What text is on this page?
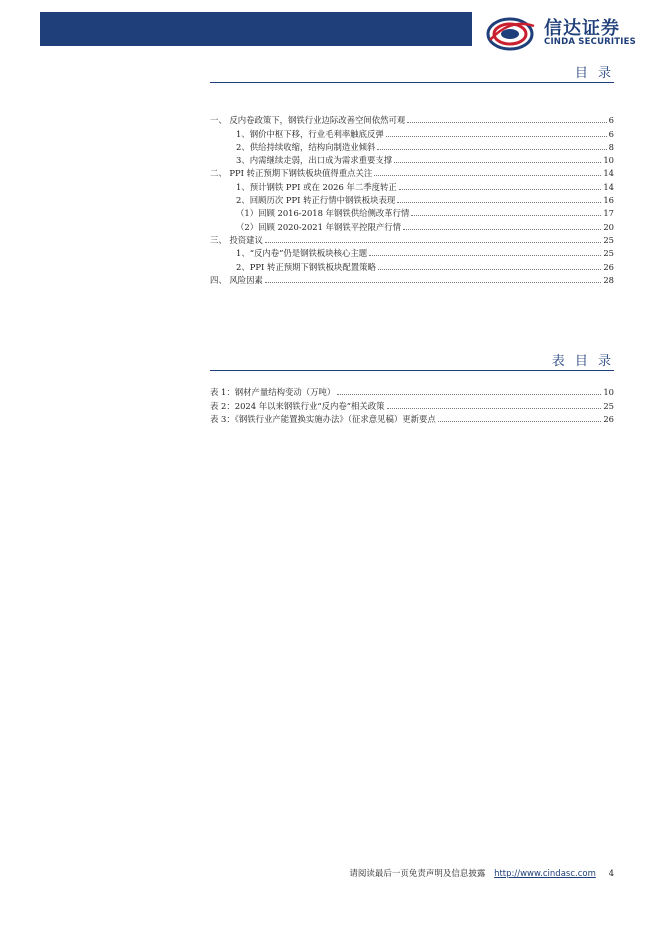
信达证券
CINDA SECURITIES
目 录
一、 反内卷政策下，钢铁行业边际改善空间依然可观	6
1、钢价中枢下移，行业毛利率触底反弹	6
2、供给持续收缩，结构向制造业倾斜	8
3、内需继续走弱，出口成为需求重要支撑	10
二、 PPI 转正预期下钢铁板块值得重点关注	14
1、预计钢铁 PPI 或在 2026 年二季度转正	14
2、回顾历次 PPI 转正行情中钢铁板块表现	16
（1）回顾 2016-2018 年钢铁供给侧改革行情	17
（2）回顾 2020-2021 年钢铁平控限产行情	20
三、 投资建议	25
1、“反内卷”仍是钢铁板块核心主题	25
2、PPI 转正预期下钢铁板块配置策略	26
四、 风险因素	28
表 目 录
表 1：钢材产量结构变动（万吨）	10
表 2：2024 年以来钢铁行业“反内卷”相关政策	25
表 3：《钢铁行业产能置换实施办法》（征求意见稿）更新要点	26
请阅读最后一页免责声明及信息披露 http://www.cindasc.com 4
